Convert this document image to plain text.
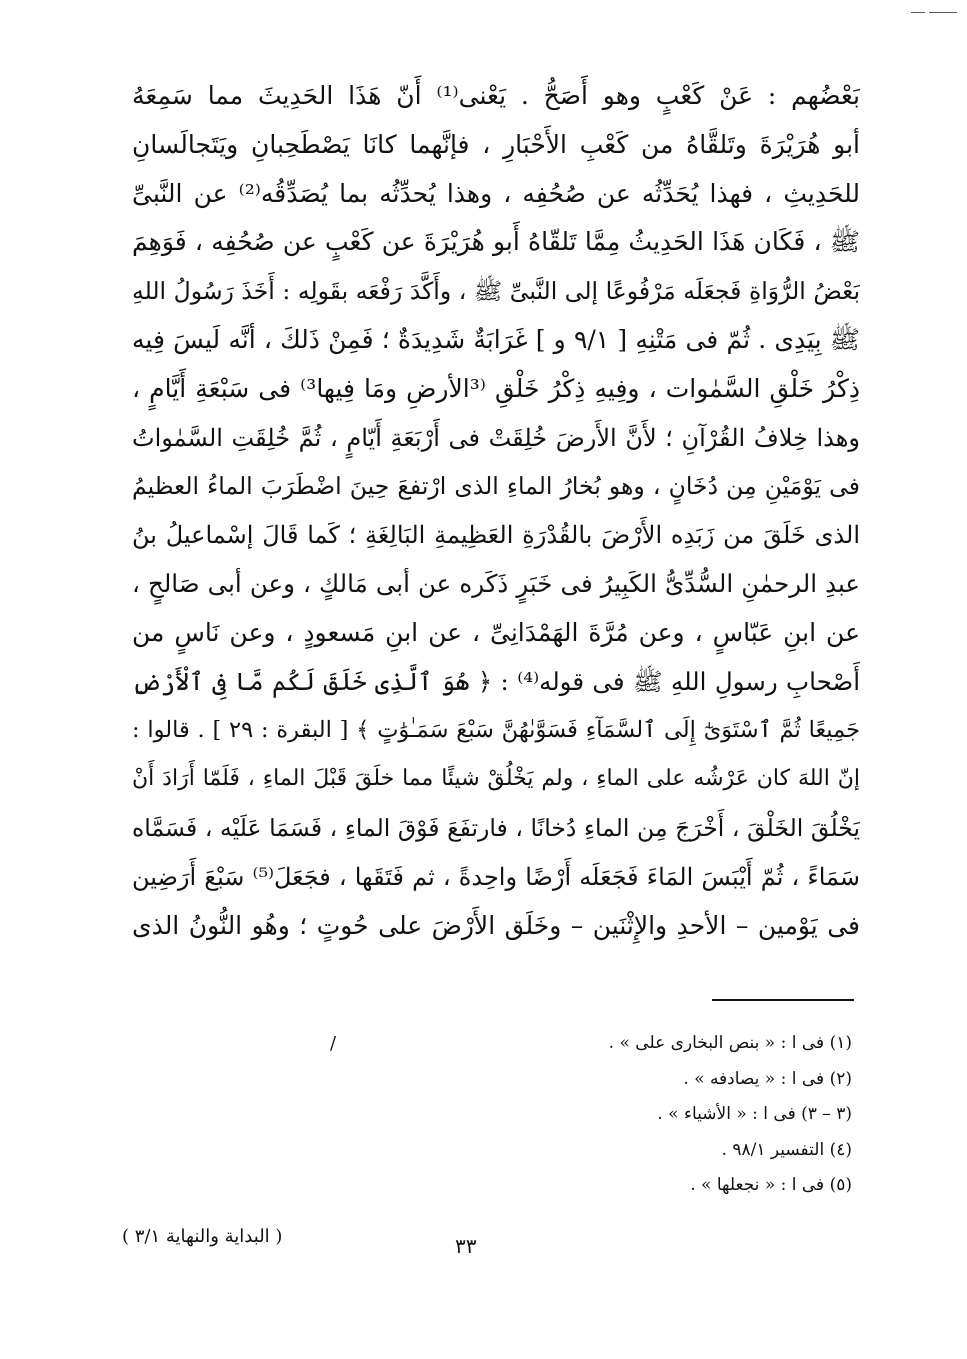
بَعْضُهم : عَنْ كَعْبٍ وهو أَصَحُّ . يَعْنى⁽¹⁾ أَنّ هَذَا الحَدِيثَ مما سَمِعَهُ
أبو هُرَيْرَةَ وتَلقَّاهُ من كَعْبِ الأَحْبَارِ ، فإنَّهما كانَا يَصْطَحِبانِ ويَتَجالَسانِ
للحَدِيثِ ، فهذا يُحَدِّثُه عن صُحُفِه ، وهذا يُحدِّثُه بما يُصَدِّقُه⁽²⁾ عن النَّبىِّ
ﷺ ، فَكَان هَذَا الحَدِيثُ مِمَّا تَلقّاهُ أَبو هُرَيْرَةَ عن كَعْبٍ عن صُحُفِه ، فَوَهِمَ
بَعْضُ الرُّوَاةِ فَجعَلَه مَرْفُوعًا إلى النَّبىِّ ﷺ ، وأَكَّدَ رَفْعَه بقَولِه : أَخَذَ رَسُولُ اللهِ
ﷺ بِيَدِى . ثُمّ فى مَتْنِهِ [ ٩/١ و ] غَرَابَةٌ شَدِيدَةٌ ؛ فَمِنْ ذَلكَ ، أنَّه لَيسَ فِيه
ذِكْرُ خَلْقِ السَّمٰوات ، وفِيهِ ذِكْرُ خَلْقِ ⁽³الأرضِ ومَا فِيها³⁾ فى سَبْعَةِ أَيَّامٍ ،
وهذا خِلافُ القُرْآنِ ؛ لأَنَّ الأَرضَ خُلِقَتْ فى أَرْبَعَةِ أَيّامٍ ، ثُمَّ خُلِقَتِ السَّمٰواتُ
فى يَوْمَيْنِ مِن دُخَانٍ ، وهو بُخارُ الماءِ الذى ارْتفعَ حِينَ اضْطَرَبَ الماءُ العظيمُ
الذى خَلَقَ من زَبَدِه الأَرْضَ بالقُدْرَةِ العَظِيمةِ البَالِغَةِ ؛ كَما قَالَ إسْماعيلُ بنُ
عبدِ الرحمٰنِ السُّدِّىُّ الكَبِيرُ فى خَبَرٍ ذَكَره عن أبى مَالكٍ ، وعن أبى صَالحٍ ،
عن ابنِ عَبّاسٍ ، وعن مُرَّةَ الهَمْدَانِىِّ ، عن ابنِ مَسعودٍ ، وعن نَاسٍ من
أَصْحابِ رسولِ اللهِ ﷺ فى قوله⁽⁴⁾ : ﴿ هُوَ ٱلَّذِى خَلَقَ لَكُم مَّا فِى ٱلْأَرْضِ
جَمِيعًا ثُمَّ ٱسْتَوَىٰٓ إِلَى ٱلسَّمَآءِ فَسَوَّىٰهُنَّ سَبْعَ سَمَـٰوَٰتٍ ﴾ [ البقرة : ٢٩ ] . قالوا :
إنّ اللهَ كان عَرْشُه على الماءِ ، ولم يَخْلُقْ شيئًا مما خلَقَ قَبْلَ الماءِ ، فَلَمّا أَرَادَ أَنْ
يَخْلُقَ الخَلْقَ ، أَخْرَجَ مِن الماءِ دُخانًا ، فارتفَعَ فَوْقَ الماءِ ، فَسَمَا عَلَيْه ، فَسَمَّاه
سَمَاءً ، ثُمّ أَيْبَسَ المَاءَ فَجَعَلَه أَرْضًا واحِدةً ، ثم فَتَقَها ، فجَعَلَ⁽⁵⁾ سَبْعَ أَرَضِين
فى يَوْمين – الأحدِ والإِثْنَين – وخَلَق الأَرْضَ على حُوتٍ ؛ وهُو النُّونُ الذى
/	(١) فى ا : « بنص البخارى على » .
(٢) فى ا : « يصادفه » .
(٣ – ٣) فى ا : « الأشياء » .
(٤) التفسير ٩٨/١ .
(٥) فى ا : « نجعلها » .
( البداية والنهاية ٣/١ )	٣٣
